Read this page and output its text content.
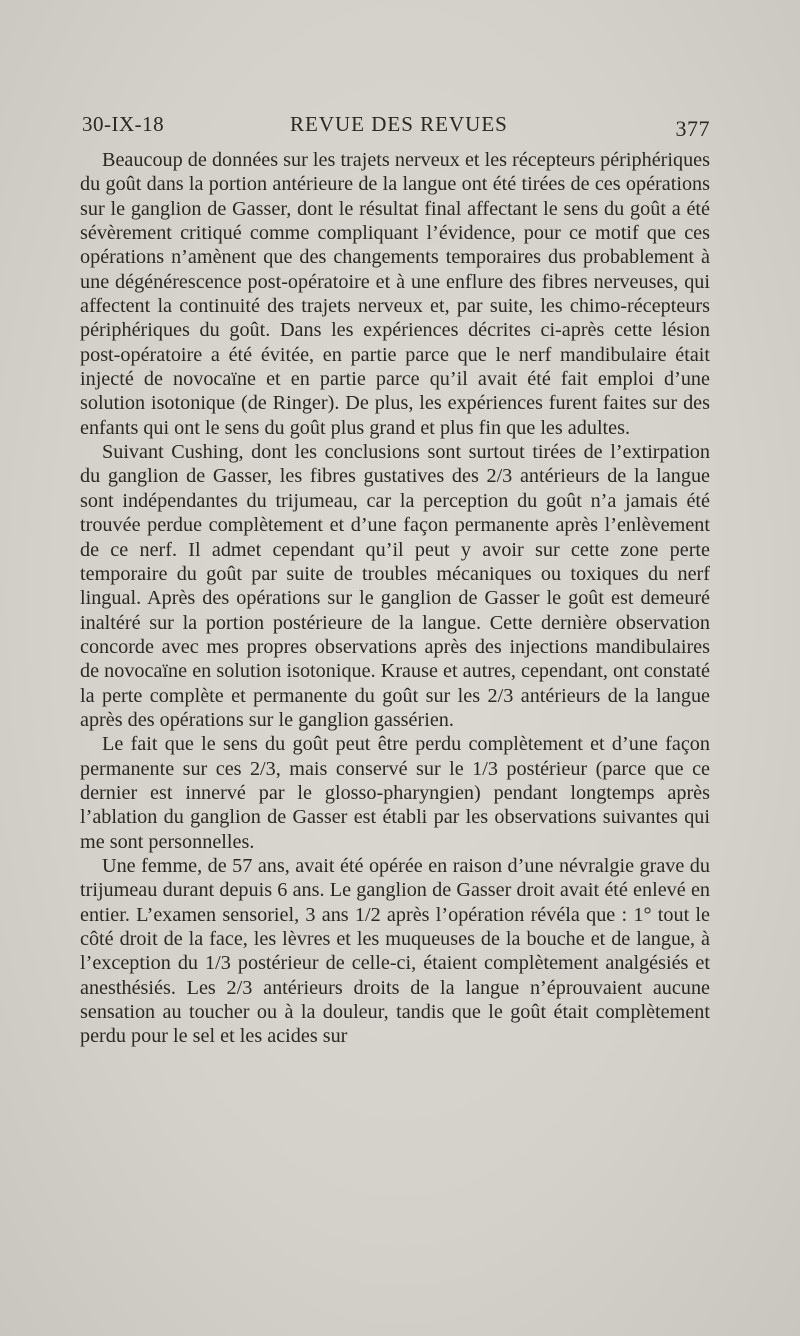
30-IX-18	REVUE DES REVUES	377

Beaucoup de données sur les trajets nerveux et les récepteurs périphériques du goût dans la portion antérieure de la langue ont été tirées de ces opérations sur le ganglion de Gasser, dont le résultat final affectant le sens du goût a été sévèrement critiqué comme compliquant l’évidence, pour ce motif que ces opérations n’amènent que des changements temporaires dus probablement à une dégénérescence post-opératoire et à une enflure des fibres nerveuses, qui affectent la continuité des trajets nerveux et, par suite, les chimo-récepteurs périphériques du goût. Dans les expériences décrites ci-après cette lésion post-opératoire a été évitée, en partie parce que le nerf mandibulaire était injecté de novocaïne et en partie parce qu’il avait été fait emploi d’une solution isotonique (de Ringer). De plus, les expériences furent faites sur des enfants qui ont le sens du goût plus grand et plus fin que les adultes.

Suivant Cushing, dont les conclusions sont surtout tirées de l’extirpation du ganglion de Gasser, les fibres gustatives des 2/3 antérieurs de la langue sont indépendantes du trijumeau, car la perception du goût n’a jamais été trouvée perdue complètement et d’une façon permanente après l’enlèvement de ce nerf. Il admet cependant qu’il peut y avoir sur cette zone perte temporaire du goût par suite de troubles mécaniques ou toxiques du nerf lingual. Après des opérations sur le ganglion de Gasser le goût est demeuré inaltéré sur la portion postérieure de la langue. Cette dernière observation concorde avec mes propres observations après des injections mandibulaires de novocaïne en solution isotonique. Krause et autres, cependant, ont constaté la perte complète et permanente du goût sur les 2/3 antérieurs de la langue après des opérations sur le ganglion gassérien.

Le fait que le sens du goût peut être perdu complètement et d’une façon permanente sur ces 2/3, mais conservé sur le 1/3 postérieur (parce que ce dernier est innervé par le glosso-pharyngien) pendant longtemps après l’ablation du ganglion de Gasser est établi par les observations suivantes qui me sont personnelles.

Une femme, de 57 ans, avait été opérée en raison d’une névralgie grave du trijumeau durant depuis 6 ans. Le ganglion de Gasser droit avait été enlevé en entier. L’examen sensoriel, 3 ans 1/2 après l’opération révéla que : 1° tout le côté droit de la face, les lèvres et les muqueuses de la bouche et de langue, à l’exception du 1/3 postérieur de celle-ci, étaient complètement analgésiés et anesthésiés. Les 2/3 antérieurs droits de la langue n’éprouvaient aucune sensation au toucher ou à la douleur, tandis que le goût était complètement perdu pour le sel et les acides sur
